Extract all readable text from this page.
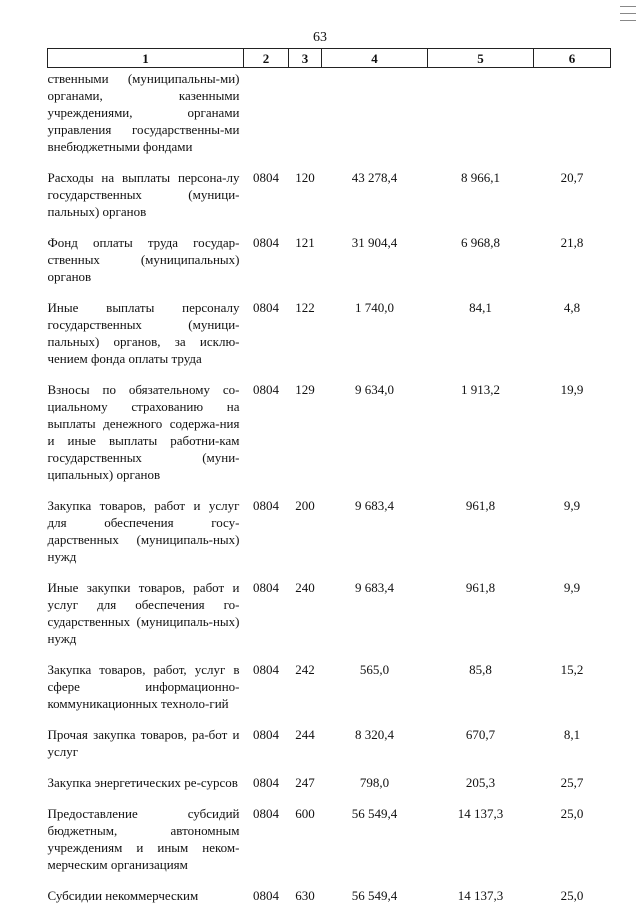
63
1	2	3	4	5	6
ственными (муниципальны-ми) органами, казенными учреждениями, органами управления государственны-ми внебюджетными фондами					
Расходы на выплаты персона-лу государственных (муници-пальных) органов	0804	120	43 278,4	8 966,1	20,7
Фонд оплаты труда государ-ственных (муниципальных) органов	0804	121	31 904,4	6 968,8	21,8
Иные выплаты персоналу государственных (муници-пальных) органов, за исклю-чением фонда оплаты труда	0804	122	1 740,0	84,1	4,8
Взносы по обязательному со-циальному страхованию на выплаты денежного содержа-ния и иные выплаты работни-кам государственных (муни-ципальных) органов	0804	129	9 634,0	1 913,2	19,9
Закупка товаров, работ и услуг для обеспечения госу-дарственных (муниципаль-ных) нужд	0804	200	9 683,4	961,8	9,9
Иные закупки товаров, работ и услуг для обеспечения го-сударственных (муниципаль-ных) нужд	0804	240	9 683,4	961,8	9,9
Закупка товаров, работ, услуг в сфере информационно-коммуникационных техноло-гий	0804	242	565,0	85,8	15,2
Прочая закупка товаров, ра-бот и услуг	0804	244	8 320,4	670,7	8,1
Закупка энергетических ре-сурсов	0804	247	798,0	205,3	25,7
Предоставление субсидий бюджетным, автономным учреждениям и иным неком-мерческим организациям	0804	600	56 549,4	14 137,3	25,0
Субсидии некоммерческим	0804	630	56 549,4	14 137,3	25,0
